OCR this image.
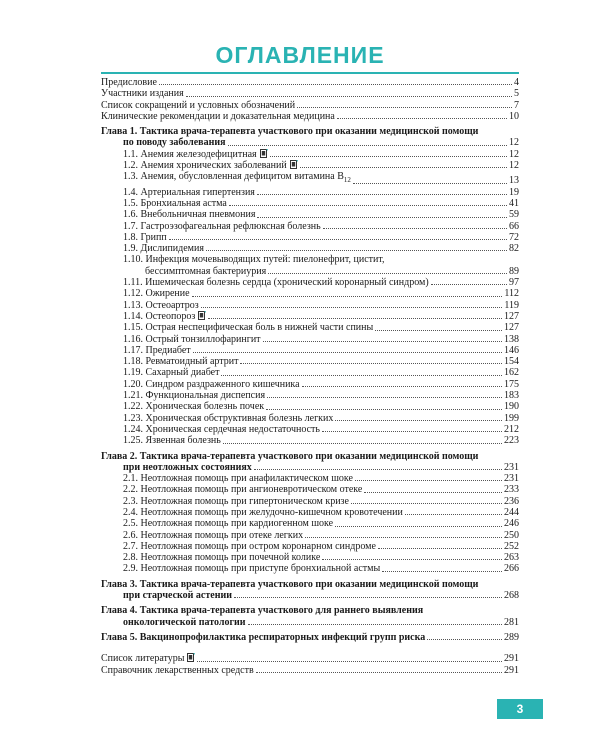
ОГЛАВЛЕНИЕ
Предисловие	4
Участники издания	5
Список сокращений и условных обозначений	7
Клинические рекомендации и доказательная медицина	10
Глава 1. Тактика врача-терапевта участкового при оказании медицинской помощи
по поводу заболевания	12
1.1. Анемия железодефицитная	12
1.2. Анемия хронических заболеваний	12
1.3. Анемия, обусловленная дефицитом витамина $B_{12}$	13
1.4. Артериальная гипертензия	19
1.5. Бронхиальная астма	41
1.6. Внебольничная пневмония	59
1.7. Гастроэзофагеальная рефлюксная болезнь	66
1.8. Грипп	72
1.9. Дислипидемия	82
1.10. Инфекция мочевыводящих путей: пиелонефрит, цистит,
бессимптомная бактериурия	89
1.11. Ишемическая болезнь сердца (хронический коронарный синдром)	97
1.12. Ожирение	112
1.13. Остеоартроз	119
1.14. Остеопороз	127
1.15. Острая неспецифическая боль в нижней части спины	127
1.16. Острый тонзиллофарингит	138
1.17. Предиабет	146
1.18. Ревматоидный артрит	154
1.19. Сахарный диабет	162
1.20. Синдром раздраженного кишечника	175
1.21. Функциональная диспепсия	183
1.22. Хроническая болезнь почек	190
1.23. Хроническая обструктивная болезнь легких	199
1.24. Хроническая сердечная недостаточность	212
1.25. Язвенная болезнь	223
Глава 2. Тактика врача-терапевта участкового при оказании медицинской помощи
при неотложных состояниях	231
2.1. Неотложная помощь при анафилактическом шоке	231
2.2. Неотложная помощь при ангионевротическом отеке	233
2.3. Неотложная помощь при гипертоническом кризе	236
2.4. Неотложная помощь при желудочно-кишечном кровотечении	244
2.5. Неотложная помощь при кардиогенном шоке	246
2.6. Неотложная помощь при отеке легких	250
2.7. Неотложная помощь при остром коронарном синдроме	252
2.8. Неотложная помощь при почечной колике	263
2.9. Неотложная помощь при приступе бронхиальной астмы	266
Глава 3. Тактика врача-терапевта участкового при оказании медицинской помощи
при старческой астении	268
Глава 4. Тактика врача-терапевта участкового для раннего выявления
онкологической патологии	281
Глава 5. Вакцинопрофилактика респираторных инфекций групп риска	289
Список литературы	291
Справочник лекарственных средств	291
3
